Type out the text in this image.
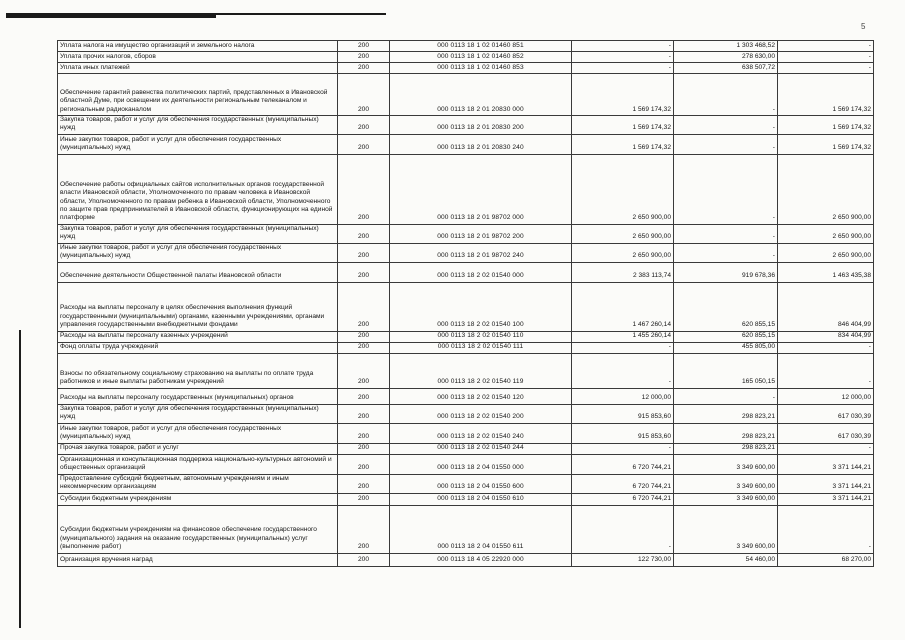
5
Уплата налога на имущество организаций и земельного налога	200	000 0113 18 1 02 01460 851	-	1 303 468,52	-
Уплата прочих налогов, сборов	200	000 0113 18 1 02 01460 852	-	278 630,00	-
Уплата иных платежей	200	000 0113 18 1 02 01460 853	-	638 507,72	-
Обеспечение гарантий равенства политических партий, представленных в Ивановской областной Думе, при освещении их деятельности региональным телеканалом и региональным радиоканалом	200	000 0113 18 2 01 20830 000	1 569 174,32	-	1 569 174,32
Закупка товаров, работ и услуг для обеспечения государственных (муниципальных) нужд	200	000 0113 18 2 01 20830 200	1 569 174,32	-	1 569 174,32
Иные закупки товаров, работ и услуг для обеспечения государственных (муниципальных) нужд	200	000 0113 18 2 01 20830 240	1 569 174,32	-	1 569 174,32
Обеспечение работы официальных сайтов исполнительных органов государственной власти Ивановской области, Уполномоченного по правам человека в Ивановской области, Уполномоченного по правам ребенка в Ивановской области, Уполномоченного по защите прав предпринимателей в Ивановской области, функционирующих на единой платформе	200	000 0113 18 2 01 98702 000	2 650 900,00	-	2 650 900,00
Закупка товаров, работ и услуг для обеспечения государственных (муниципальных) нужд	200	000 0113 18 2 01 98702 200	2 650 900,00	-	2 650 900,00
Иные закупки товаров, работ и услуг для обеспечения государственных (муниципальных) нужд	200	000 0113 18 2 01 98702 240	2 650 900,00	-	2 650 900,00
Обеспечение деятельности Общественной палаты Ивановской области	200	000 0113 18 2 02 01540 000	2 383 113,74	919 678,36	1 463 435,38
Расходы на выплаты персоналу в целях обеспечения выполнения функций государственными (муниципальными) органами, казенными учреждениями, органами управления государственными внебюджетными фондами	200	000 0113 18 2 02 01540 100	1 467 260,14	620 855,15	846 404,99
Расходы на выплаты персоналу казенных учреждений	200	000 0113 18 2 02 01540 110	1 455 260,14	620 855,15	834 404,99
Фонд оплаты труда учреждений	200	000 0113 18 2 02 01540 111	-	455 805,00	-
Взносы по обязательному социальному страхованию на выплаты по оплате труда работников и иные выплаты работникам учреждений	200	000 0113 18 2 02 01540 119	-	165 050,15	-
Расходы на выплаты персоналу государственных (муниципальных) органов	200	000 0113 18 2 02 01540 120	12 000,00	-	12 000,00
Закупка товаров, работ и услуг для обеспечения государственных (муниципальных) нужд	200	000 0113 18 2 02 01540 200	915 853,60	298 823,21	617 030,39
Иные закупки товаров, работ и услуг для обеспечения государственных (муниципальных) нужд	200	000 0113 18 2 02 01540 240	915 853,60	298 823,21	617 030,39
Прочая закупка товаров, работ и услуг	200	000 0113 18 2 02 01540 244	-	298 823,21	-
Организационная и консультационная поддержка национально-культурных автономий и общественных организаций	200	000 0113 18 2 04 01550 000	6 720 744,21	3 349 600,00	3 371 144,21
Предоставление субсидий бюджетным, автономным учреждениям и иным некоммерческим организациям	200	000 0113 18 2 04 01550 600	6 720 744,21	3 349 600,00	3 371 144,21
Субсидии бюджетным учреждениям	200	000 0113 18 2 04 01550 610	6 720 744,21	3 349 600,00	3 371 144,21
Субсидии бюджетным учреждениям на финансовое обеспечение государственного (муниципального) задания на оказание государственных (муниципальных) услуг (выполнение работ)	200	000 0113 18 2 04 01550 611	-	3 349 600,00	-
Организация вручения наград	200	000 0113 18 4 05 22920 000	122 730,00	54 460,00	68 270,00
